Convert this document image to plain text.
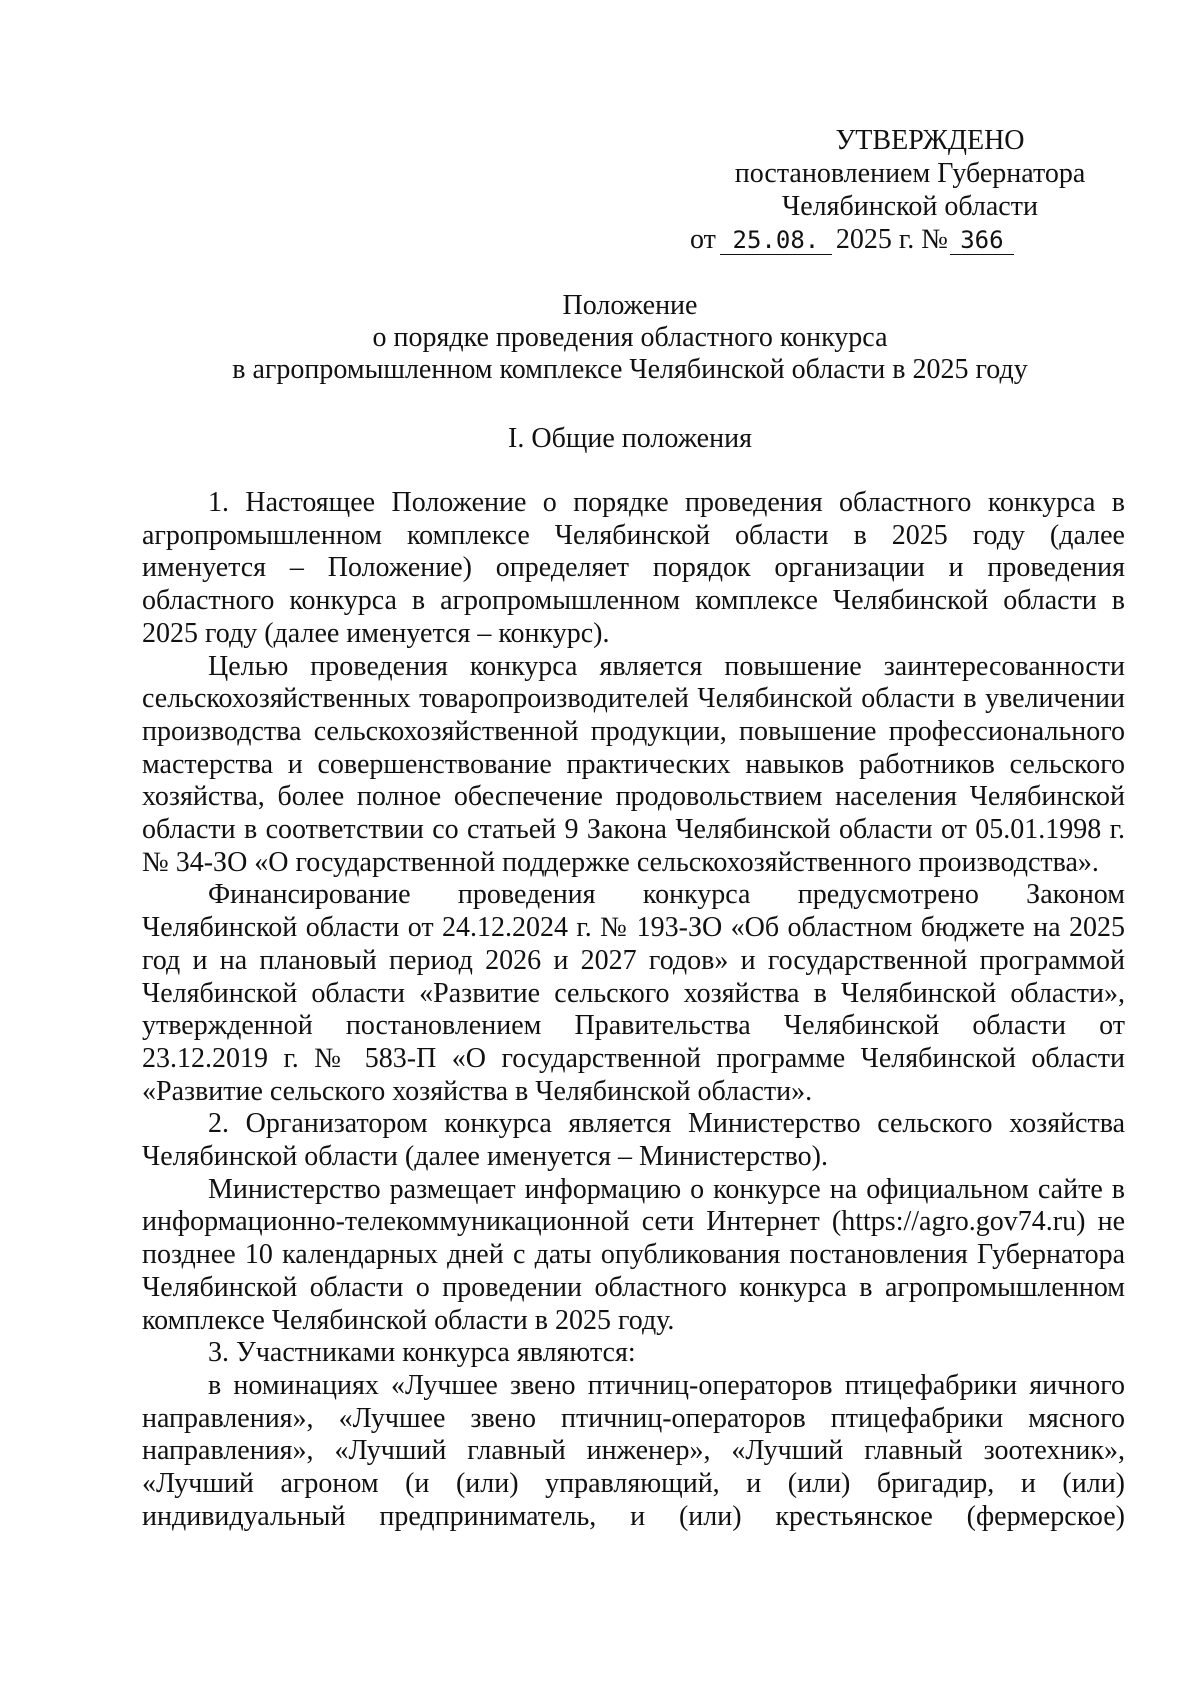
УТВЕРЖДЕНО
постановлением Губернатора
Челябинской области
от 25.08. 2025 г. № 366
Положение
о порядке проведения областного конкурса
в агропромышленном комплексе Челябинской области в 2025 году
I. Общие положения

1. Настоящее Положение о порядке проведения областного конкурса в агропромышленном комплексе Челябинской области в 2025 году (далее именуется – Положение) определяет порядок организации и проведения областного конкурса в агропромышленном комплексе Челябинской области в 2025 году (далее именуется – конкурс).

Целью проведения конкурса является повышение заинтересованности сельскохозяйственных товаропроизводителей Челябинской области в увеличении производства сельскохозяйственной продукции, повышение профессионального мастерства и совершенствование практических навыков работников сельского хозяйства, более полное обеспечение продовольствием населения Челябинской области в соответствии со статьей 9 Закона Челябинской области от 05.01.1998 г. № 34-ЗО «О государственной поддержке сельскохозяйственного производства».

Финансирование проведения конкурса предусмотрено Законом Челябинской области от 24.12.2024 г. № 193-ЗО «Об областном бюджете на 2025 год и на плановый период 2026 и 2027 годов» и государственной программой Челябинской области «Развитие сельского хозяйства в Челябинской области», утвержденной постановлением Правительства Челябинской области от 23.12.2019 г. № 583-П «О государственной программе Челябинской области «Развитие сельского хозяйства в Челябинской области».

2. Организатором конкурса является Министерство сельского хозяйства Челябинской области (далее именуется – Министерство).

Министерство размещает информацию о конкурсе на официальном сайте в информационно-телекоммуникационной сети Интернет (https://agro.gov74.ru) не позднее 10 календарных дней с даты опубликования постановления Губернатора Челябинской области о проведении областного конкурса в агропромышленном комплексе Челябинской области в 2025 году.

3. Участниками конкурса являются:

в номинациях «Лучшее звено птичниц-операторов птицефабрики яичного направления», «Лучшее звено птичниц-операторов птицефабрики мясного направления», «Лучший главный инженер», «Лучший главный зоотехник», «Лучший агроном (и (или) управляющий, и (или) бригадир, и (или) индивидуальный предприниматель, и (или) крестьянское (фермерское)
